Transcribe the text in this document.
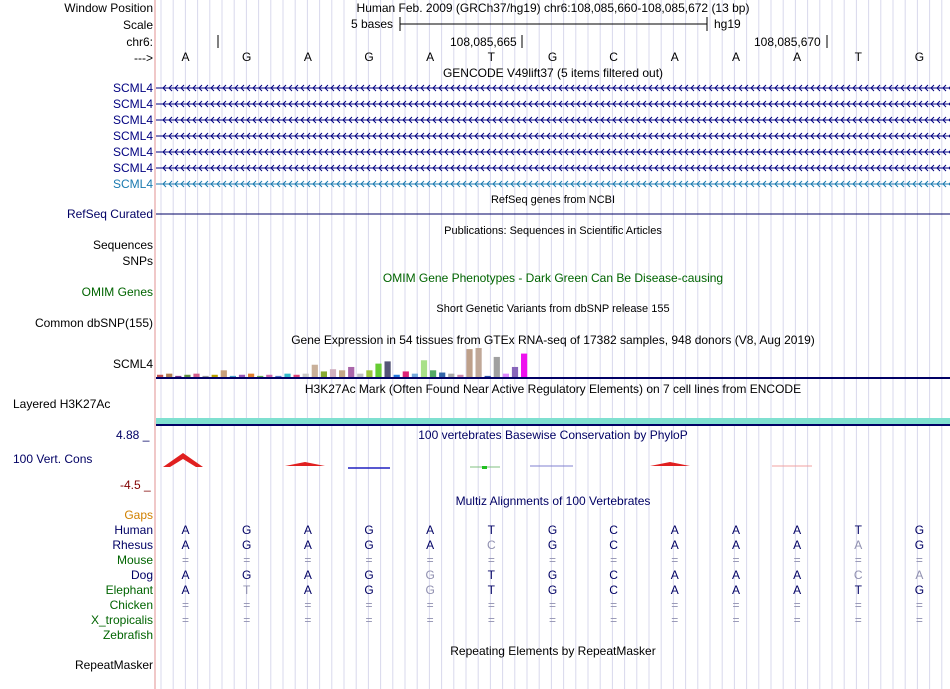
Window Position	Human Feb. 2009 (GRCh37/hg19) chr6:108,085,660-108,085,672 (13 bp)
Scale	5 bases	hg19
chr6:	108,085,665	108,085,670
--->	A	G	A	G	A	T	G	C	A	A	A	T	G
GENCODE V49lift37 (5 items filtered out)
SCML4
SCML4
SCML4
SCML4
SCML4
SCML4
SCML4
RefSeq Curated
RefSeq genes from NCBI
Publications: Sequences in Scientific Articles
Sequences
SNPs
OMIM Gene Phenotypes - Dark Green Can Be Disease-causing
OMIM Genes
Short Genetic Variants from dbSNP release 155
Common dbSNP(155)
Gene Expression in 54 tissues from GTEx RNA-seq of 17382 samples, 948 donors (V8, Aug 2019)
SCML4
H3K27Ac Mark (Often Found Near Active Regulatory Elements) on 7 cell lines from ENCODE
Layered H3K27Ac
4.88 _	100 vertebrates Basewise Conservation by PhyloP
100 Vert. Cons
-4.5 _
Multiz Alignments of 100 Vertebrates
Gaps
Human	A	G	A	G	A	T	G	C	A	A	A	T	G
Rhesus	A	G	A	G	A	C	G	C	A	A	A	A	G
Mouse	=	=	=	=	=	=	=	=	=	=	=	=	=
Dog	A	G	A	G	G	T	G	C	A	A	A	C	A
Elephant	A	T	A	G	G	T	G	C	A	A	A	T	G
Chicken	=	=	=	=	=	=	=	=	=	=	=	=	=
X_tropicalis	=	=	=	=	=	=	=	=	=	=	=	=	=
Zebrafish
Repeating Elements by RepeatMasker
RepeatMasker
